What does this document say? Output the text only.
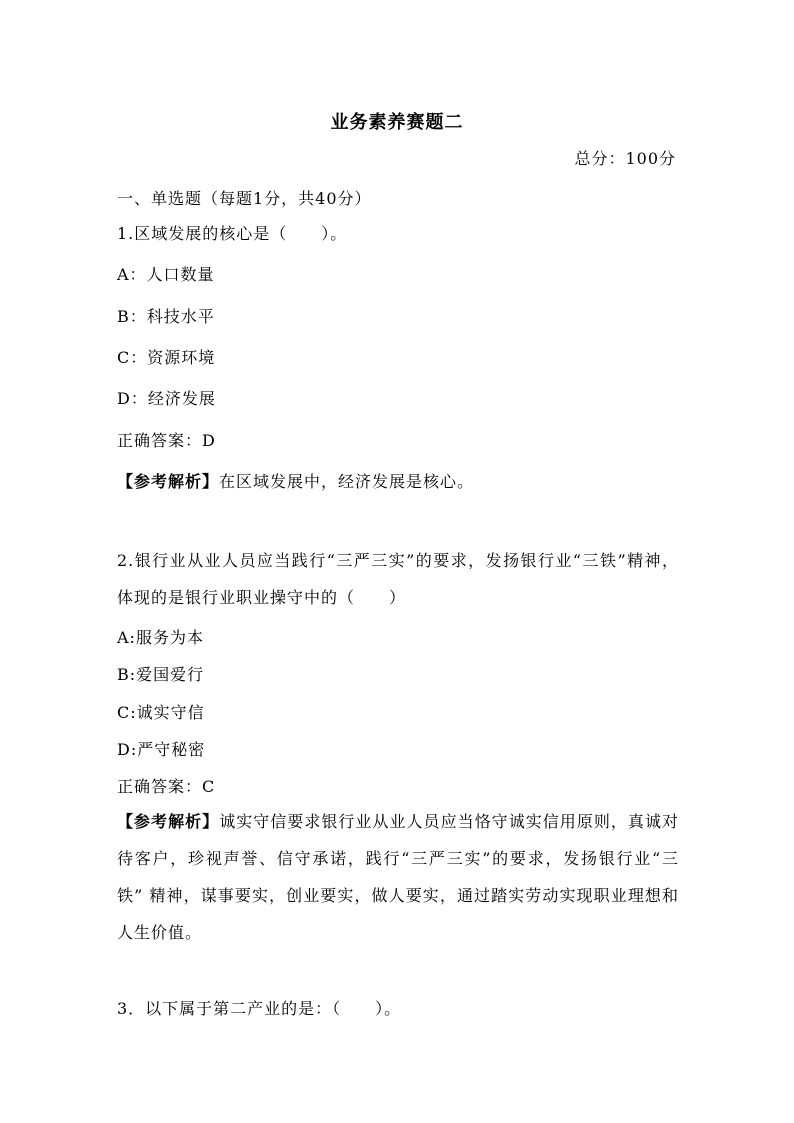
业务素养赛题二
总分：100分
一、单选题（每题1分，共40分）
1.区域发展的核心是（　　）。
A：人口数量
B：科技水平
C：资源环境
D：经济发展
正确答案：D
【参考解析】在区域发展中，经济发展是核心。
2.银行业从业人员应当践行“三严三实”的要求，发扬银行业“三铁”精神，体现的是银行业职业操守中的（　　）
A:服务为本
B:爱国爱行
C:诚实守信
D:严守秘密
正确答案：C
【参考解析】诚实守信要求银行业从业人员应当恪守诚实信用原则，真诚对待客户，珍视声誉、信守承诺，践行“三严三实”的要求，发扬银行业“三铁” 精神，谋事要实，创业要实，做人要实，通过踏实劳动实现职业理想和人生价值。
3．以下属于第二产业的是：（　　）。
